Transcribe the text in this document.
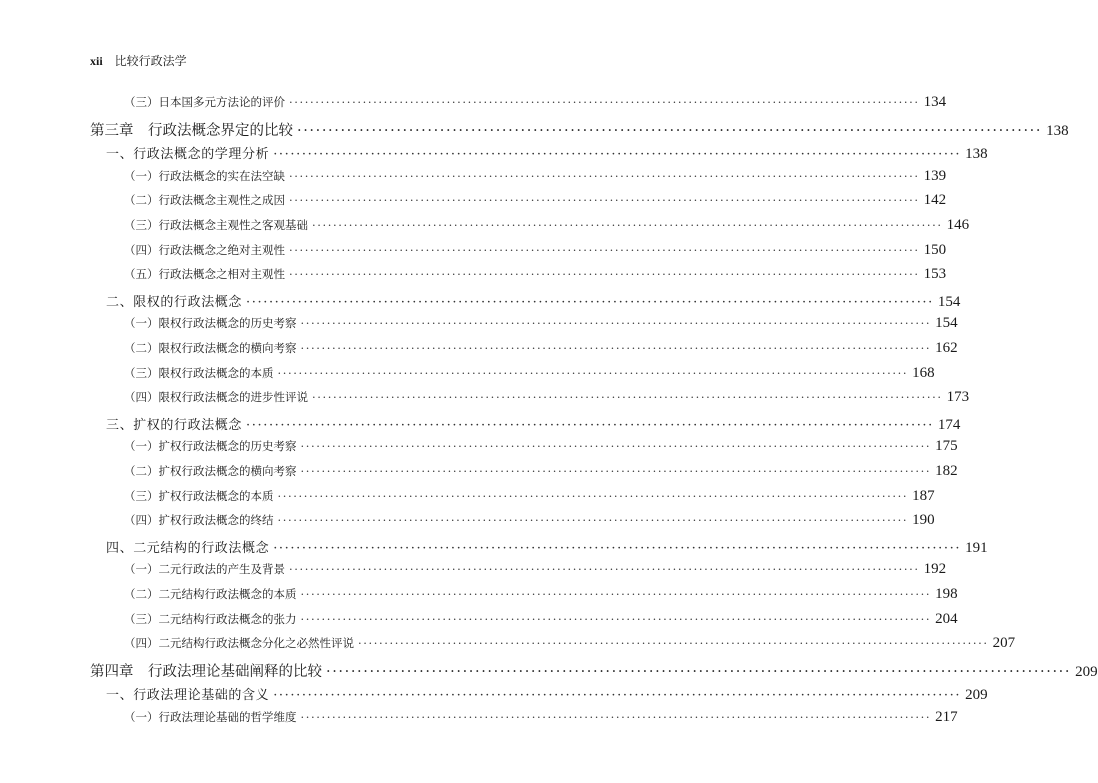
xii 比较行政法学
（三）日本国多元方法论的评价 ························································································································ 134
第三章　行政法概念界定的比较 ························································································································ 138
一、行政法概念的学理分析 ························································································································ 138
（一）行政法概念的实在法空缺 ························································································································ 139
（二）行政法概念主观性之成因 ························································································································ 142
（三）行政法概念主观性之客观基础 ························································································································ 146
（四）行政法概念之绝对主观性 ························································································································ 150
（五）行政法概念之相对主观性 ························································································································ 153
二、限权的行政法概念 ························································································································ 154
（一）限权行政法概念的历史考察 ························································································································ 154
（二）限权行政法概念的横向考察 ························································································································ 162
（三）限权行政法概念的本质 ························································································································ 168
（四）限权行政法概念的进步性评说 ························································································································ 173
三、扩权的行政法概念 ························································································································ 174
（一）扩权行政法概念的历史考察 ························································································································ 175
（二）扩权行政法概念的横向考察 ························································································································ 182
（三）扩权行政法概念的本质 ························································································································ 187
（四）扩权行政法概念的终结 ························································································································ 190
四、二元结构的行政法概念 ························································································································ 191
（一）二元行政法的产生及背景 ························································································································ 192
（二）二元结构行政法概念的本质 ························································································································ 198
（三）二元结构行政法概念的张力 ························································································································ 204
（四）二元结构行政法概念分化之必然性评说 ························································································································ 207
第四章　行政法理论基础阐释的比较 ························································································································ 209
一、行政法理论基础的含义 ························································································································ 209
（一）行政法理论基础的哲学维度 ························································································································ 217
